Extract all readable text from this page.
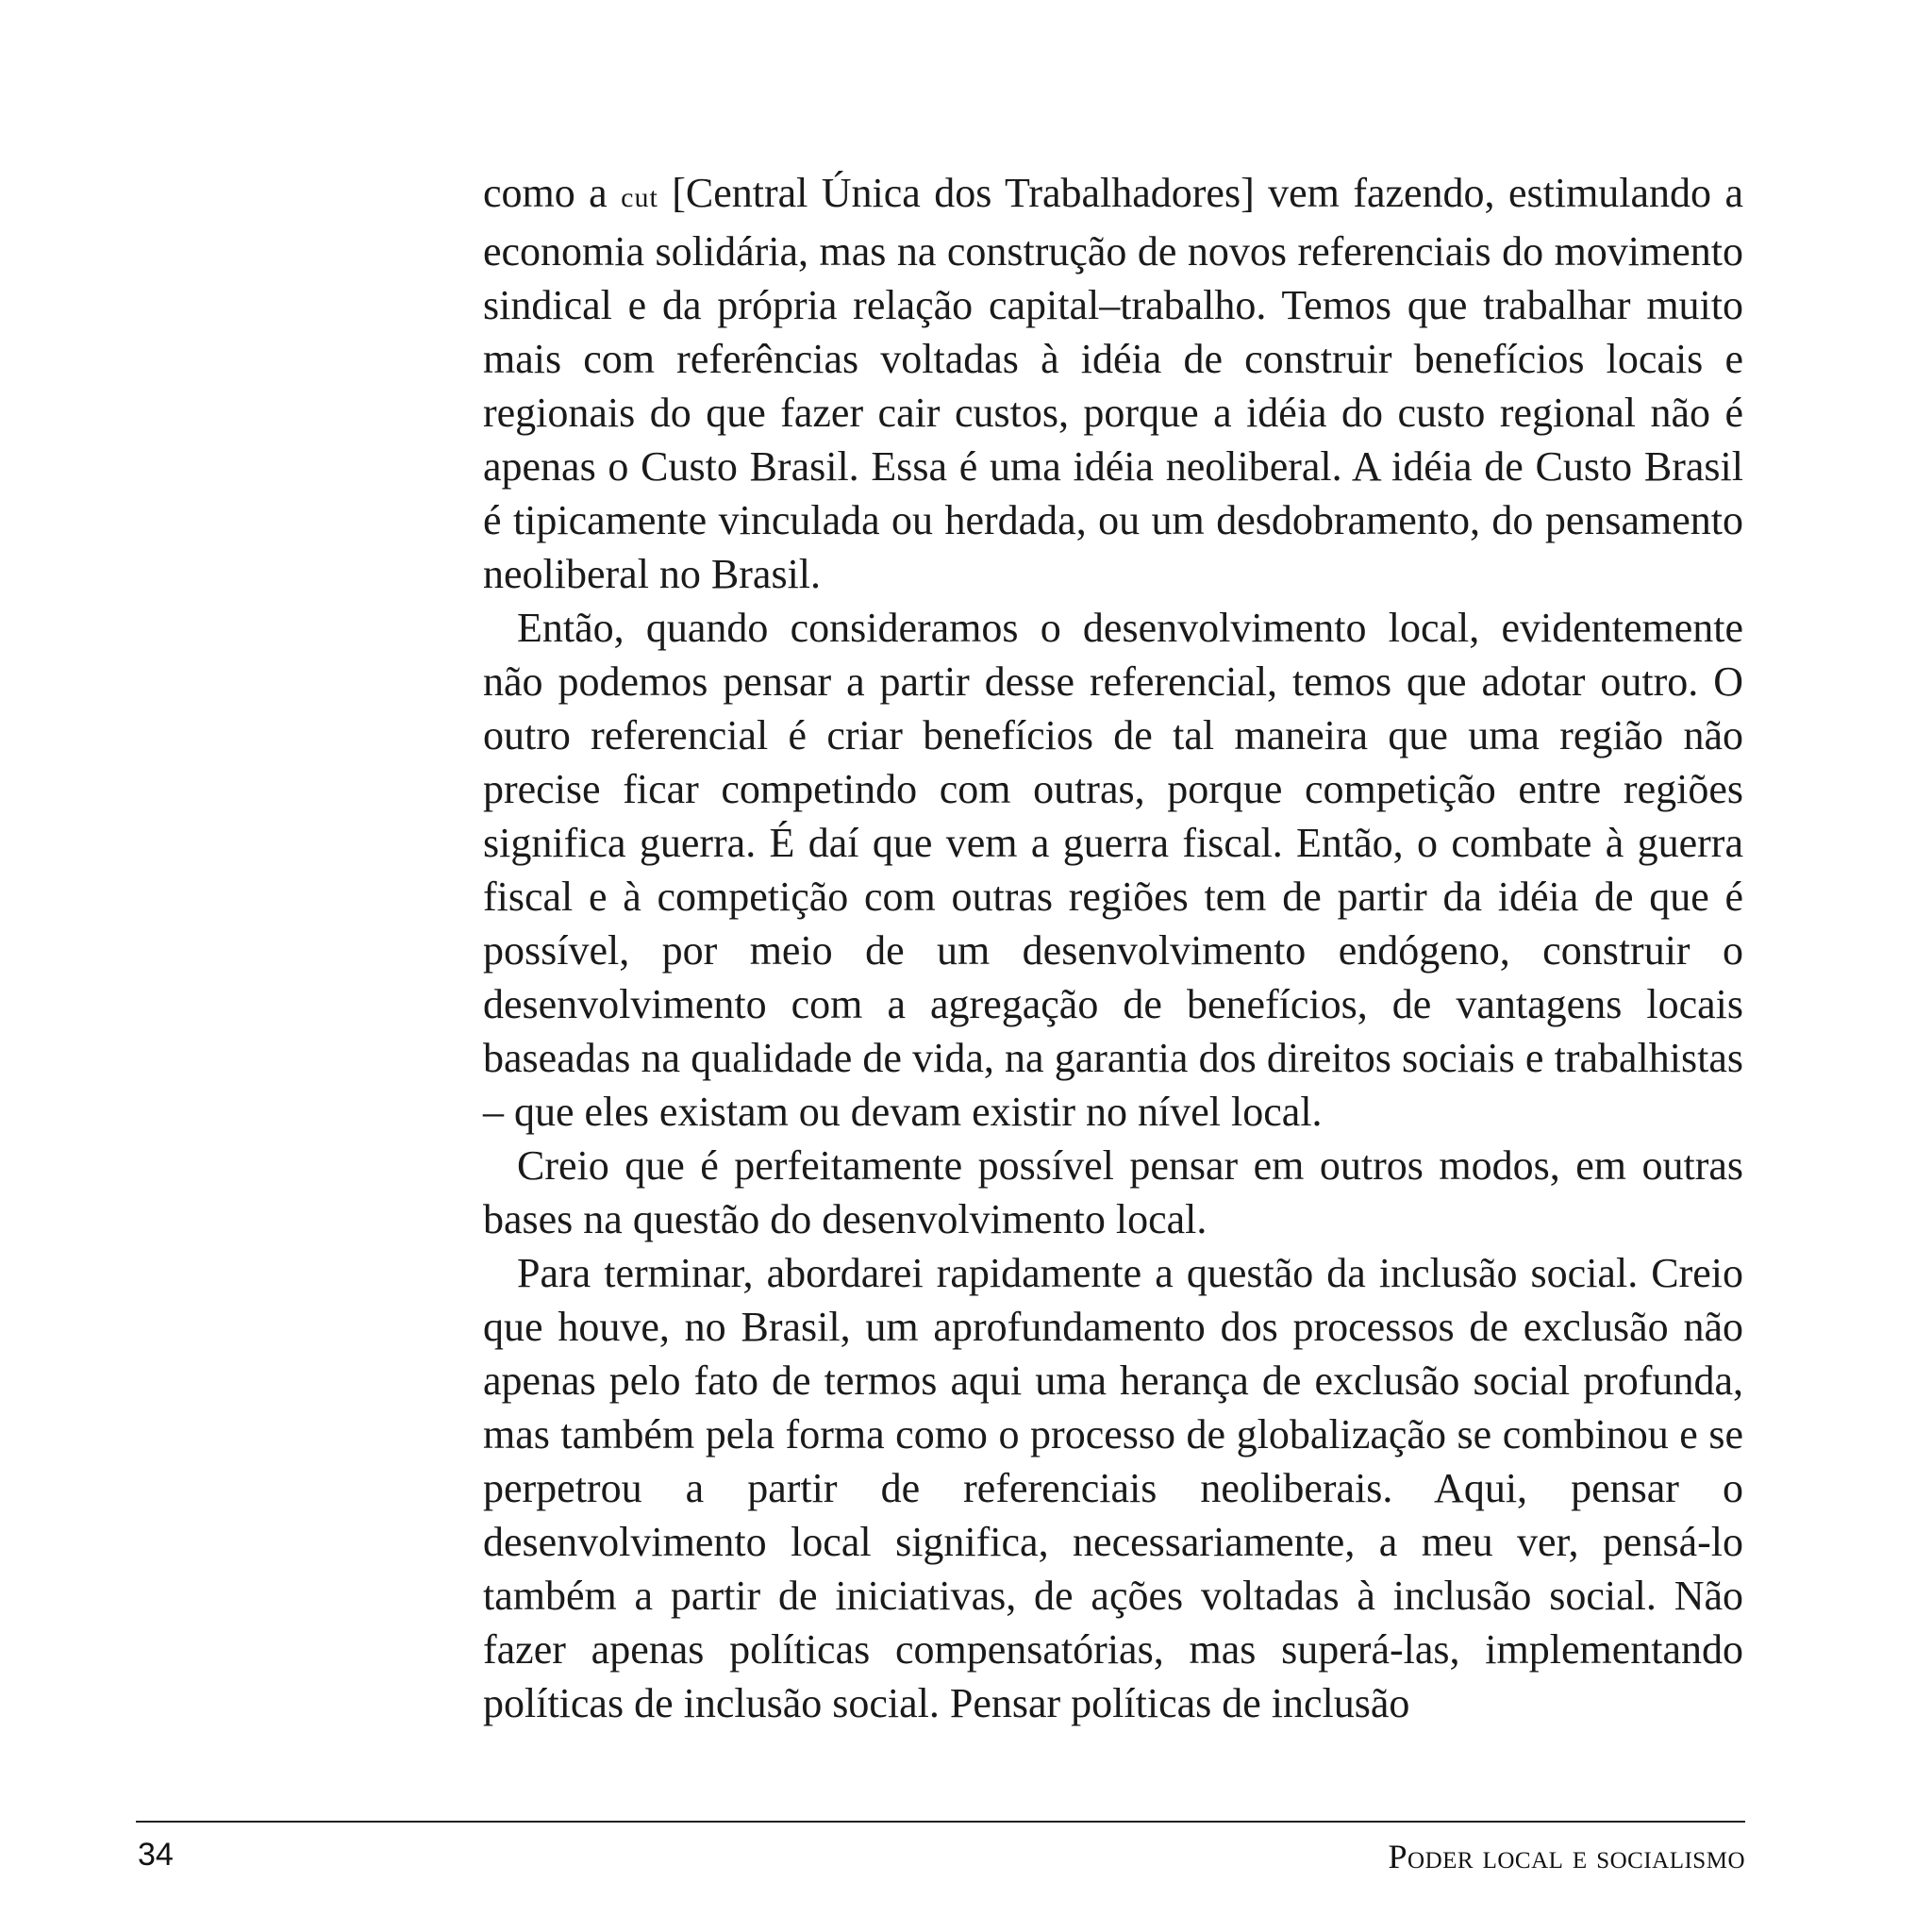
como a cut [Central Única dos Trabalhadores] vem fazendo, estimulando a economia solidária, mas na construção de novos referenciais do movimento sindical e da própria relação capital–trabalho. Temos que trabalhar muito mais com referências voltadas à idéia de construir benefícios locais e regionais do que fazer cair custos, porque a idéia do custo regional não é apenas o Custo Brasil. Essa é uma idéia neoliberal. A idéia de Custo Brasil é tipicamente vinculada ou herdada, ou um desdobramento, do pensamento neoliberal no Brasil.

Então, quando consideramos o desenvolvimento local, evidentemente não podemos pensar a partir desse referencial, temos que adotar outro. O outro referencial é criar benefícios de tal maneira que uma região não precise ficar competindo com outras, porque competição entre regiões significa guerra. É daí que vem a guerra fiscal. Então, o combate à guerra fiscal e à competição com outras regiões tem de partir da idéia de que é possível, por meio de um desenvolvimento endógeno, construir o desenvolvimento com a agregação de benefícios, de vantagens locais baseadas na qualidade de vida, na garantia dos direitos sociais e trabalhistas – que eles existam ou devam existir no nível local.

Creio que é perfeitamente possível pensar em outros modos, em outras bases na questão do desenvolvimento local.

Para terminar, abordarei rapidamente a questão da inclusão social. Creio que houve, no Brasil, um aprofundamento dos processos de exclusão não apenas pelo fato de termos aqui uma herança de exclusão social profunda, mas também pela forma como o processo de globalização se combinou e se perpetrou a partir de referenciais neoliberais. Aqui, pensar o desenvolvimento local significa, necessariamente, a meu ver, pensá-lo também a partir de iniciativas, de ações voltadas à inclusão social. Não fazer apenas políticas compensatórias, mas superá-las, implementando políticas de inclusão social. Pensar políticas de inclusão

34	Poder local e socialismo
